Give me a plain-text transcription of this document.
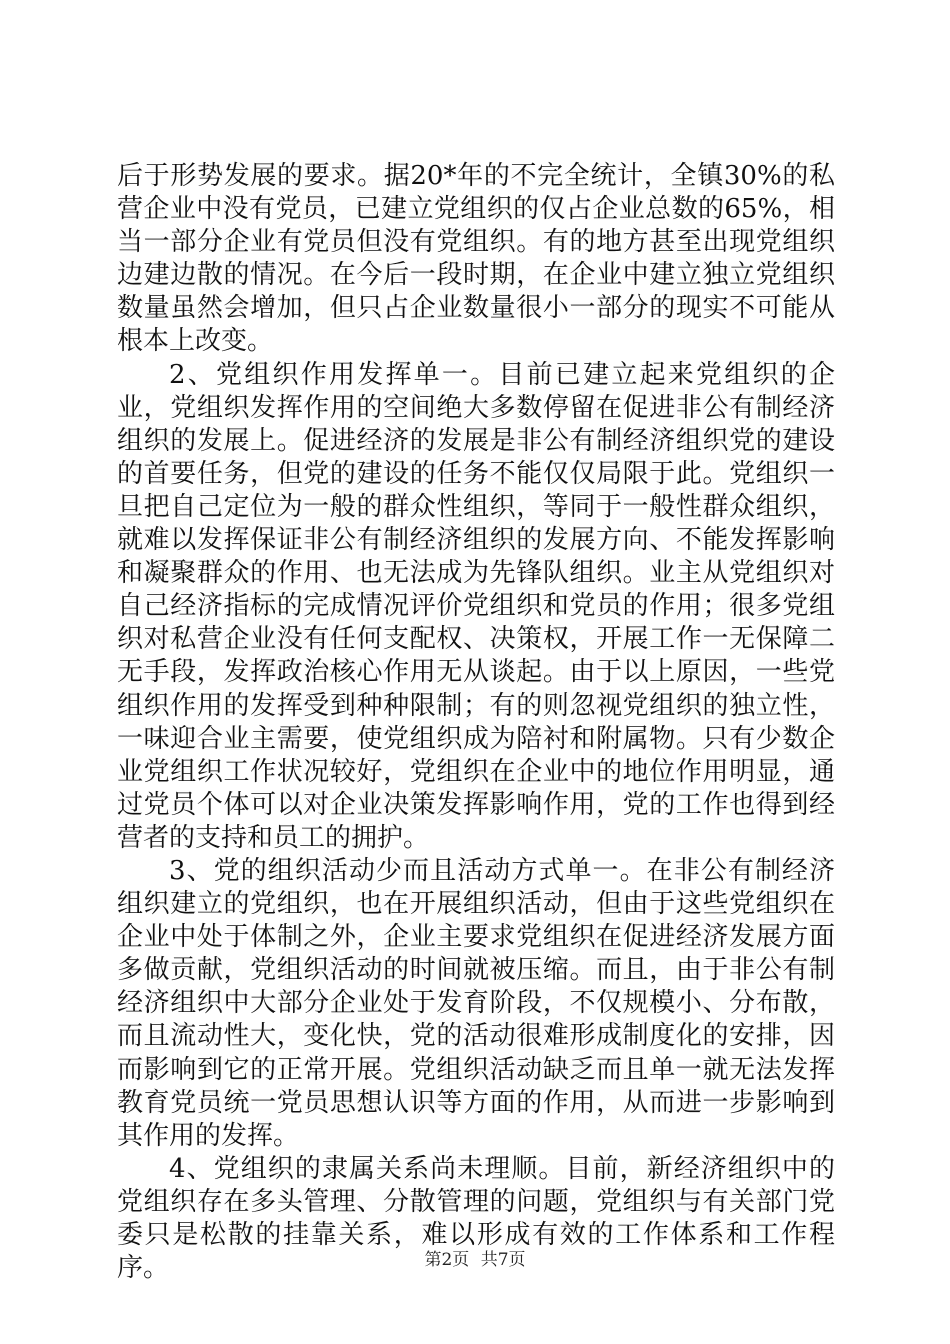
后于形势发展的要求。据20*年的不完全统计，全镇30%的私营企业中没有党员，已建立党组织的仅占企业总数的65%，相当一部分企业有党员但没有党组织。有的地方甚至出现党组织边建边散的情况。在今后一段时期，在企业中建立独立党组织数量虽然会增加，但只占企业数量很小一部分的现实不可能从根本上改变。

2、党组织作用发挥单一。目前已建立起来党组织的企业，党组织发挥作用的空间绝大多数停留在促进非公有制经济组织的发展上。促进经济的发展是非公有制经济组织党的建设的首要任务，但党的建设的任务不能仅仅局限于此。党组织一旦把自己定位为一般的群众性组织，等同于一般性群众组织，就难以发挥保证非公有制经济组织的发展方向、不能发挥影响和凝聚群众的作用、也无法成为先锋队组织。业主从党组织对自己经济指标的完成情况评价党组织和党员的作用；很多党组织对私营企业没有任何支配权、决策权，开展工作一无保障二无手段，发挥政治核心作用无从谈起。由于以上原因，一些党组织作用的发挥受到种种限制；有的则忽视党组织的独立性，一味迎合业主需要，使党组织成为陪衬和附属物。只有少数企业党组织工作状况较好，党组织在企业中的地位作用明显，通过党员个体可以对企业决策发挥影响作用，党的工作也得到经营者的支持和员工的拥护。

3、党的组织活动少而且活动方式单一。在非公有制经济组织建立的党组织，也在开展组织活动，但由于这些党组织在企业中处于体制之外，企业主要求党组织在促进经济发展方面多做贡献，党组织活动的时间就被压缩。而且，由于非公有制经济组织中大部分企业处于发育阶段，不仅规模小、分布散，而且流动性大，变化快，党的活动很难形成制度化的安排，因而影响到它的正常开展。党组织活动缺乏而且单一就无法发挥教育党员统一党员思想认识等方面的作用，从而进一步影响到其作用的发挥。

4、党组织的隶属关系尚未理顺。目前，新经济组织中的党组织存在多头管理、分散管理的问题，党组织与有关部门党委只是松散的挂靠关系，难以形成有效的工作体系和工作程序。	第2页 共7页
